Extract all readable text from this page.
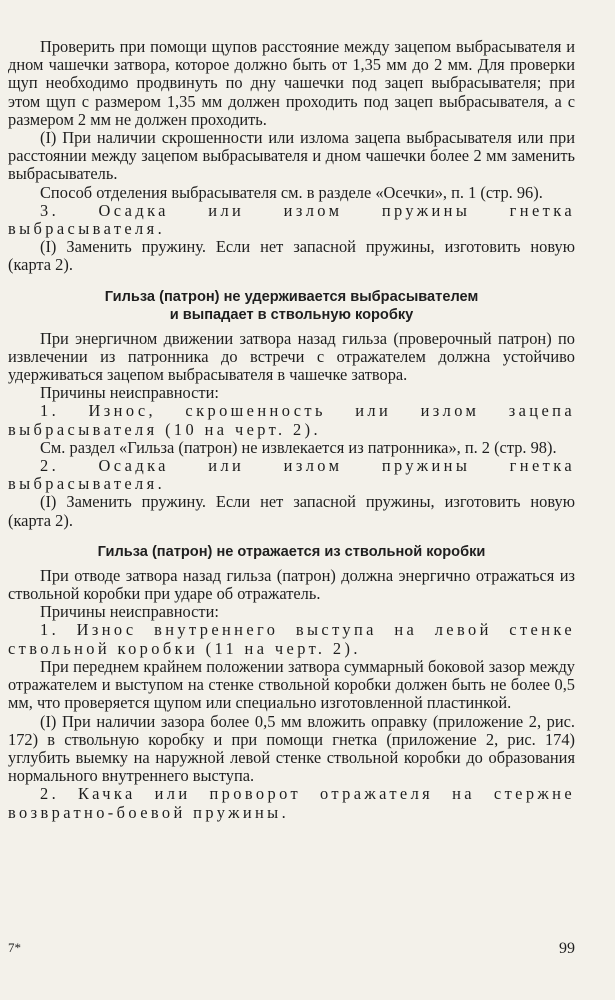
Проверить при помощи щупов расстояние между зацепом выбрасывателя и дном чашечки затвора, которое должно быть от 1,35 мм до 2 мм. Для проверки щуп необходимо продвинуть по дну чашечки под зацеп выбрасывателя; при этом щуп с размером 1,35 мм должен проходить под зацеп выбрасывателя, а с размером 2 мм не должен проходить.

(I) При наличии скрошенности или излома зацепа выбрасывателя или при расстоянии между зацепом выбрасывателя и дном чашечки более 2 мм заменить выбрасыватель.

Способ отделения выбрасывателя см. в разделе «Осечки», п. 1 (стр. 96).

3. Осадка или излом пружины гнетка выбрасывателя.

(I) Заменить пружину. Если нет запасной пружины, изготовить новую (карта 2).

Гильза (патрон) не удерживается выбрасывателем
и выпадает в ствольную коробку

При энергичном движении затвора назад гильза (проверочный патрон) по извлечении из патронника до встречи с отражателем должна устойчиво удерживаться зацепом выбрасывателя в чашечке затвора.

Причины неисправности:

1. Износ, скрошенность или излом зацепа выбрасывателя (10 на черт. 2).

См. раздел «Гильза (патрон) не извлекается из патронника», п. 2 (стр. 98).

2. Осадка или излом пружины гнетка выбрасывателя.

(I) Заменить пружину. Если нет запасной пружины, изготовить новую (карта 2).

Гильза (патрон) не отражается из ствольной коробки

При отводе затвора назад гильза (патрон) должна энергично отражаться из ствольной коробки при ударе об отражатель.

Причины неисправности:

1. Износ внутреннего выступа на левой стенке ствольной коробки (11 на черт. 2).

При переднем крайнем положении затвора суммарный боковой зазор между отражателем и выступом на стенке ствольной коробки должен быть не более 0,5 мм, что проверяется щупом или специально изготовленной пластинкой.

(I) При наличии зазора более 0,5 мм вложить оправку (приложение 2, рис. 172) в ствольную коробку и при помощи гнетка (приложение 2, рис. 174) углубить выемку на наружной левой стенке ствольной коробки до образования нормального внутреннего выступа.

2. Качка или проворот отражателя на стержне возвратно-боевой пружины.

7*	99
